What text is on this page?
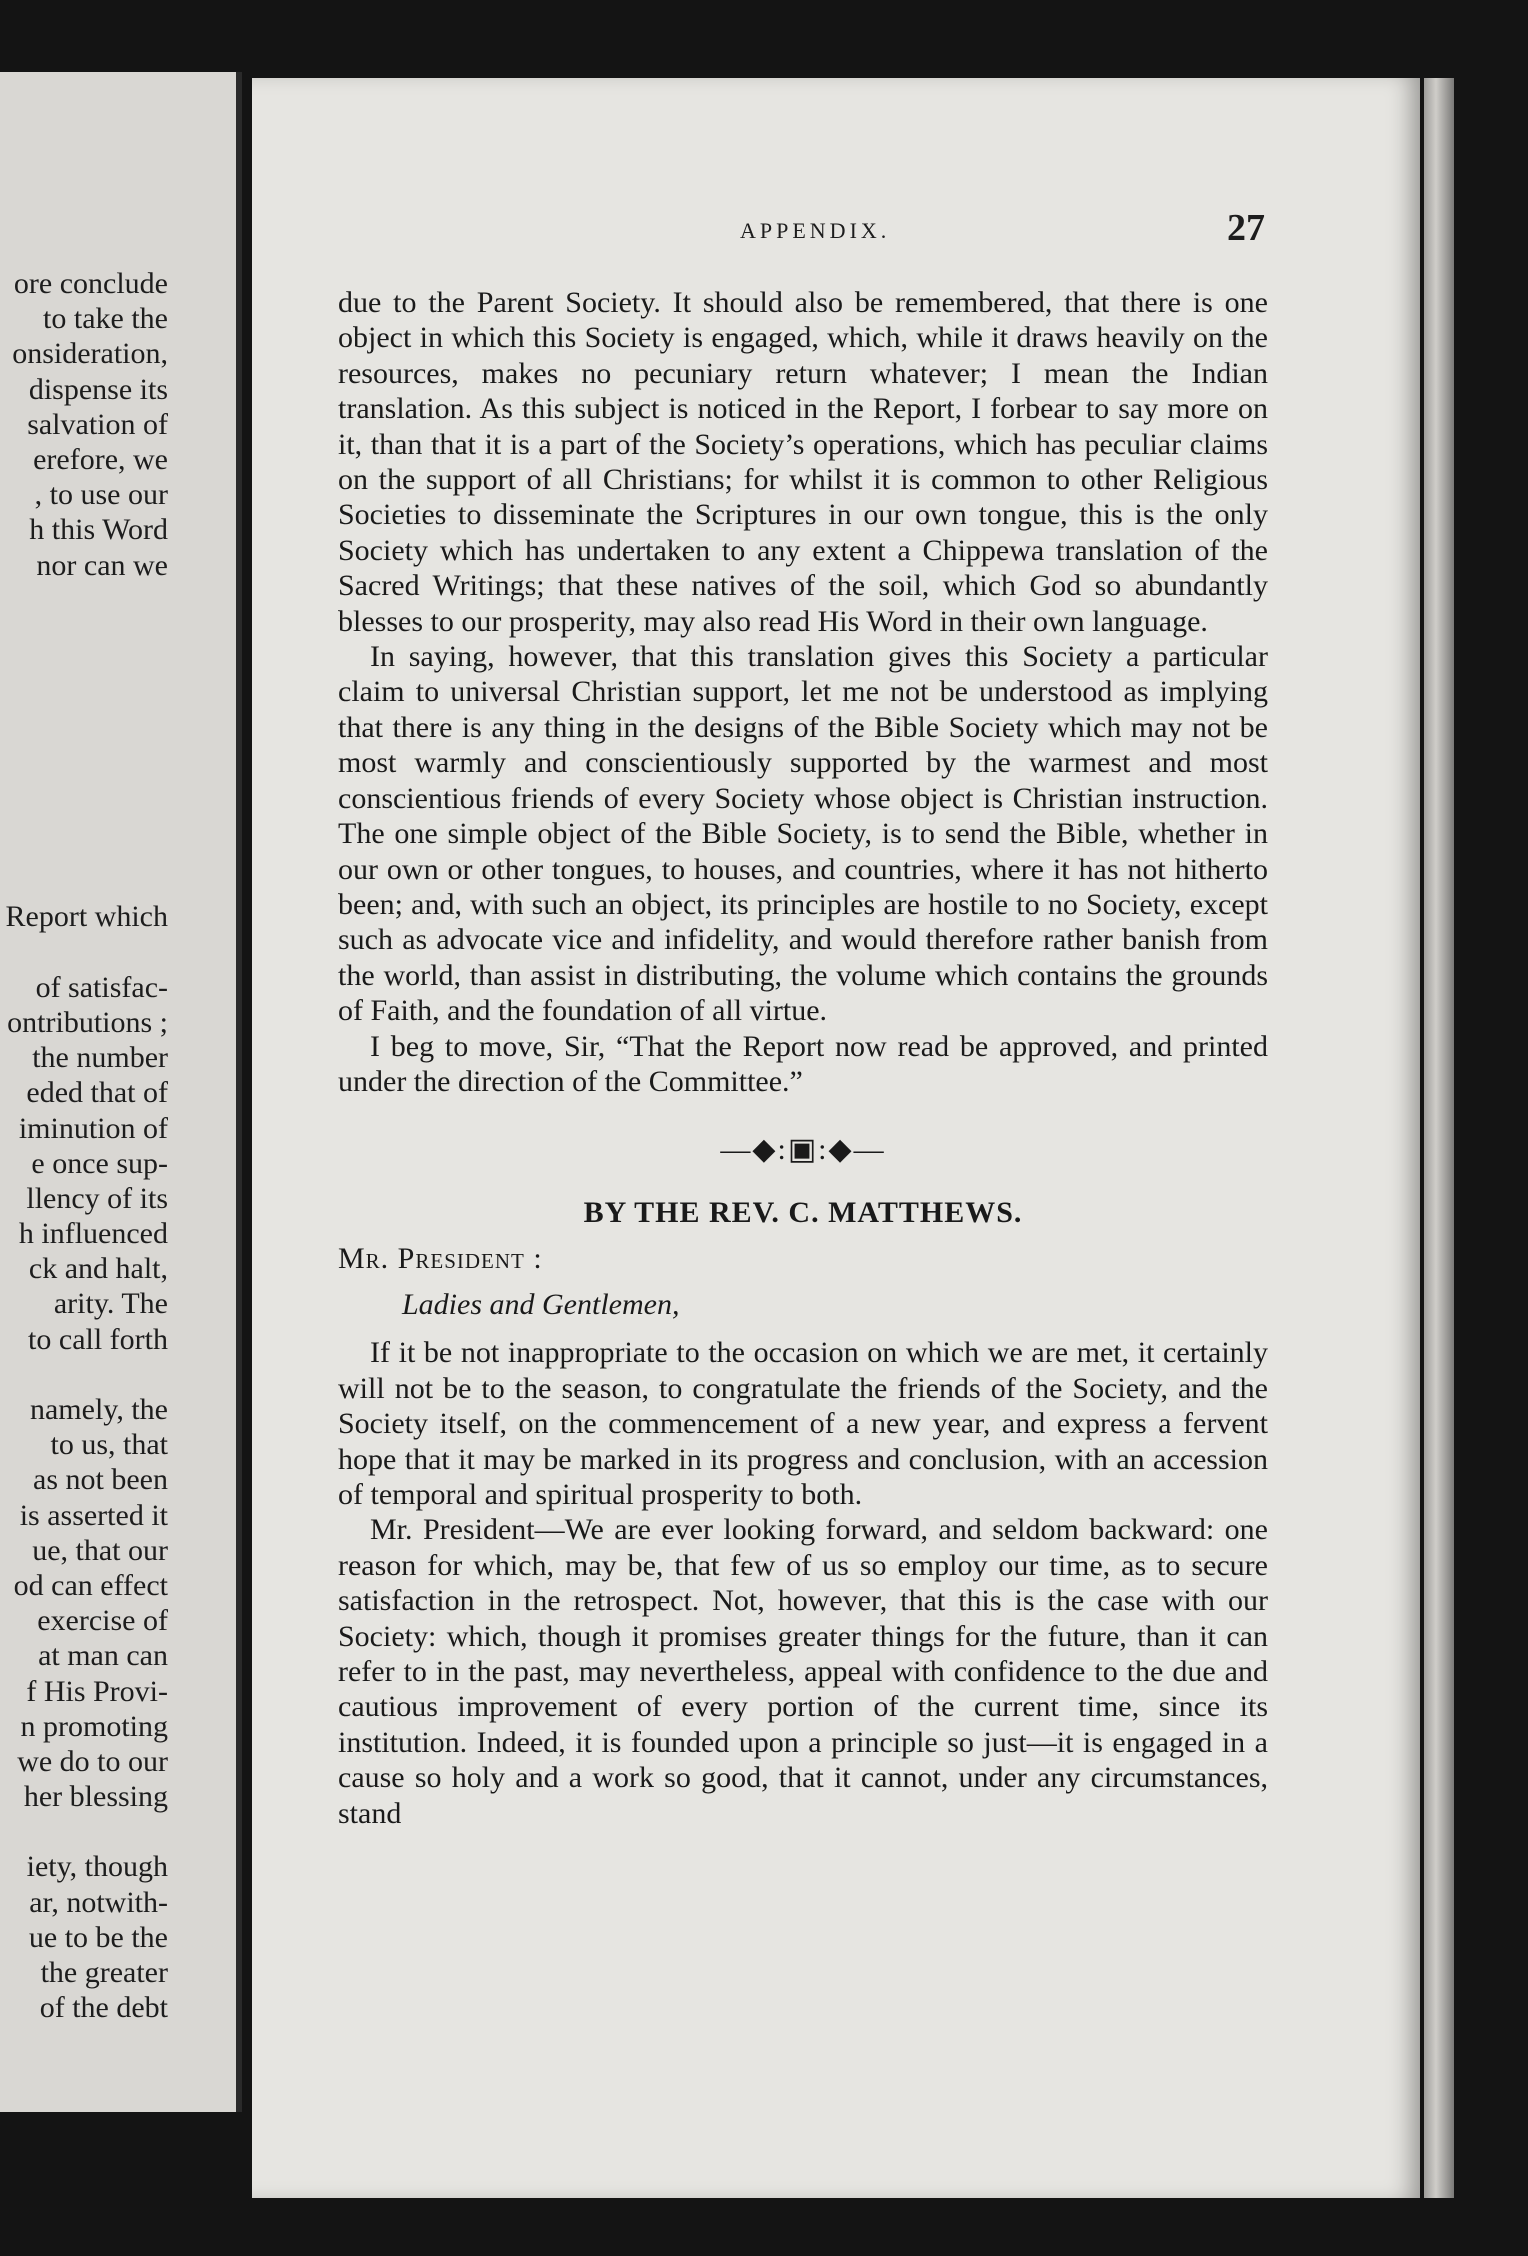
ore conclude
to take the
onsideration,
dispense its
salvation of
erefore, we
, to use our
h this Word
nor can we
Report which
of satisfac-
ontributions ;
the number
eded that of
iminution of
e once sup-
llency of its
h influenced
ck and halt,
arity. The
to call forth
namely, the
to us, that
as not been
is asserted it
ue, that our
od can effect
exercise of
at man can
f His Provi-
n promoting
we do to our
her blessing
iety, though
ar, notwith-
ue to be the
the greater
of the debt
APPENDIX.	27

due to the Parent Society. It should also be remembered, that there is one object in which this Society is engaged, which, while it draws heavily on the resources, makes no pecuniary return whatever; I mean the Indian translation. As this subject is noticed in the Report, I forbear to say more on it, than that it is a part of the Society’s operations, which has peculiar claims on the support of all Christians; for whilst it is common to other Religious Societies to disseminate the Scriptures in our own tongue, this is the only Society which has undertaken to any extent a Chippewa translation of the Sacred Writings; that these natives of the soil, which God so abundantly blesses to our prosperity, may also read His Word in their own language.

In saying, however, that this translation gives this Society a particular claim to universal Christian support, let me not be understood as implying that there is any thing in the designs of the Bible Society which may not be most warmly and conscientiously supported by the warmest and most conscientious friends of every Society whose object is Christian instruction. The one simple object of the Bible Society, is to send the Bible, whether in our own or other tongues, to houses, and countries, where it has not hitherto been; and, with such an object, its principles are hostile to no Society, except such as advocate vice and infidelity, and would therefore rather banish from the world, than assist in distributing, the volume which contains the grounds of Faith, and the foundation of all virtue.

I beg to move, Sir, “That the Report now read be approved, and printed under the direction of the Committee.”

—◆:▣:◆—
BY THE REV. C. MATTHEWS.
Mr. President :
Ladies and Gentlemen,

If it be not inappropriate to the occasion on which we are met, it certainly will not be to the season, to congratulate the friends of the Society, and the Society itself, on the commencement of a new year, and express a fervent hope that it may be marked in its progress and conclusion, with an accession of temporal and spiritual prosperity to both.

Mr. President—We are ever looking forward, and seldom backward: one reason for which, may be, that few of us so employ our time, as to secure satisfaction in the retrospect. Not, however, that this is the case with our Society: which, though it promises greater things for the future, than it can refer to in the past, may nevertheless, appeal with confidence to the due and cautious improvement of every portion of the current time, since its institution. Indeed, it is founded upon a principle so just—it is engaged in a cause so holy and a work so good, that it cannot, under any circumstances, stand
